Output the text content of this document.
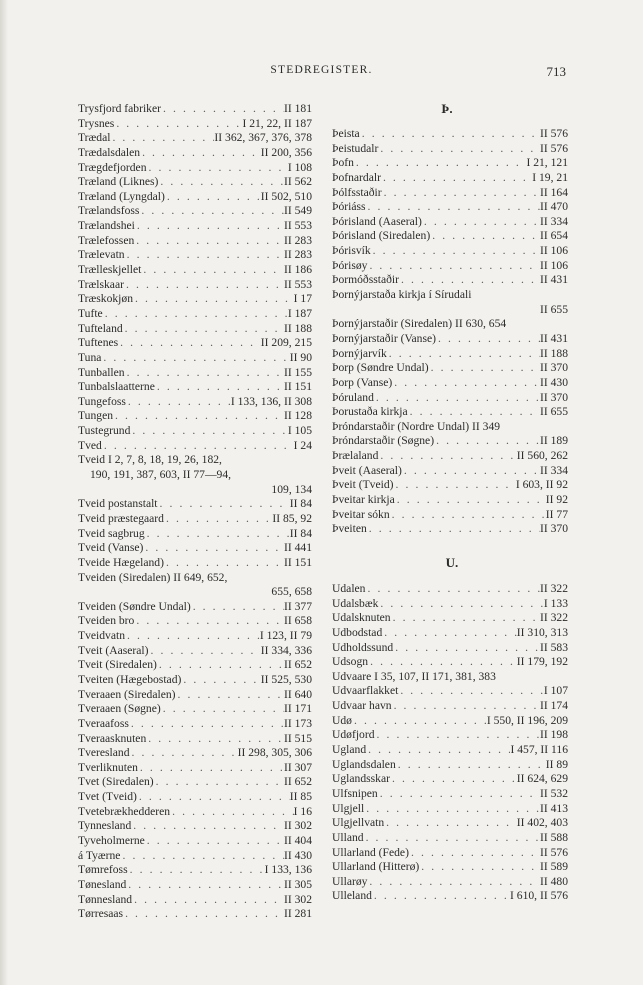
STEDREGISTER.	713
Trysfjord fabriker . . .	II 181
Trysnes . . .	I 21, 22, II 187
Trædal . . .	II 362, 367, 376, 378
Trædalsdalen . . .	II 200, 356
Trægdefjorden . . .	I 108
Træland (Liknes) . . .	II 562
Træland (Lyngdal) . . .	II 502, 510
Trælandsfoss . . .	II 549
Trælandshei . . .	II 553
Trælefossen . . .	II 283
Trælevatn . . .	II 283
Trælleskjellet . . .	II 186
Trælskaar . . .	II 553
Træskokjøn . . .	I 17
Tufte . . .	I 187
Tufteland . . .	II 188
Tuftenes . . .	II 209, 215
Tuna . . .	II 90
Tunballen . . .	II 155
Tunbalslaatterne . . .	II 151
Tungefoss . . .	I 133, 136, II 308
Tungen . . .	II 128
Tustegrund . . .	I 105
Tved . . .	I 24
Tveid I 2, 7, 8, 18, 19, 26, 182,
190, 191, 387, 603, II 77—94,
109, 134
Tveid postanstalt . . .	II 84
Tveid præstegaard . . .	II 85, 92
Tveid sagbrug . . .	II 84
Tveid (Vanse) . . .	II 441
Tveide Hægeland) . . .	II 151
Tveiden (Siredalen) II 649, 652,
655, 658
Tveiden (Søndre Undal) . . .	II 377
Tveiden bro . . .	II 658
Tveidvatn . . .	I 123, II 79
Tveit (Aaseral) . . .	II 334, 336
Tveit (Siredalen) . . .	II 652
Tveiten (Hægebostad) . . .	II 525, 530
Tveraaen (Siredalen) . . .	II 640
Tveraaen (Søgne) . . .	II 171
Tveraafoss . . .	II 173
Tveraasknuten . . .	II 515
Tveresland . . .	II 298, 305, 306
Tverliknuten . . .	II 307
Tvet (Siredalen) . . .	II 652
Tvet (Tveid) . . .	II 85
Tvetebrækhedderen . . .	I 16
Tynnesland . . .	II 302
Tyveholmerne . . .	II 404
á Tyærne . . .	II 430
Tømrefoss . . .	I 133, 136
Tønesland . . .	II 305
Tønnesland . . .	II 302
Tørresaas . . .	II 281
Þ.
Þeista . . .	II 576
Þeistudalr . . .	II 576
Þofn . . .	I 21, 121
Þofnardalr . . .	I 19, 21
Þólfsstaðir . . .	II 164
Þóriáss . . .	II 470
Þórisland (Aaseral) . . .	II 334
Þórisland (Siredalen) . . .	II 654
Þórisvík . . .	II 106
Þórisøy . . .	II 106
Þormóðsstaðir . . .	II 431
Þornýjarstaða kirkja í Sírudali
II 655
Þornýjarstaðir (Siredalen) II 630, 654
Þornýjarstaðir (Vanse) . . .	II 431
Þornýjarvík . . .	II 188
Þorp (Søndre Undal) . . .	II 370
Þorp (Vanse) . . .	II 430
Þóruland . . .	II 370
Þorustaða kirkja . . .	II 655
Þróndarstaðir (Nordre Undal) II 349
Þróndarstaðir (Søgne) . . .	II 189
Þrælaland . . .	II 560, 262
Þveit (Aaseral) . . .	II 334
Þveit (Tveid) . . .	I 603, II 92
Þveitar kirkja . . .	II 92
Þveitar sókn . . .	II 77
Þveiten . . .	II 370
U.
Udalen . . .	II 322
Udalsbæk . . .	I 133
Udalsknuten . . .	II 322
Udbodstad . . .	II 310, 313
Udholdssund . . .	II 583
Udsogn . . .	II 179, 192
Udvaare I 35, 107, II 171, 381, 383
Udvaarflakket . . .	I 107
Udvaar havn . . .	II 174
Udø . . .	I 550, II 196, 209
Udøfjord . . .	II 198
Ugland . . .	I 457, II 116
Uglandsdalen . . .	II 89
Uglandsskar . . .	II 624, 629
Ulfsnipen . . .	II 532
Ulgjell . . .	II 413
Ulgjellvatn . . .	II 402, 403
Ulland . . .	II 588
Ullarland (Fede) . . .	II 576
Ullarland (Hitterø) . . .	II 589
Ullarøy . . .	II 480
Ulleland . . .	I 610, II 576
